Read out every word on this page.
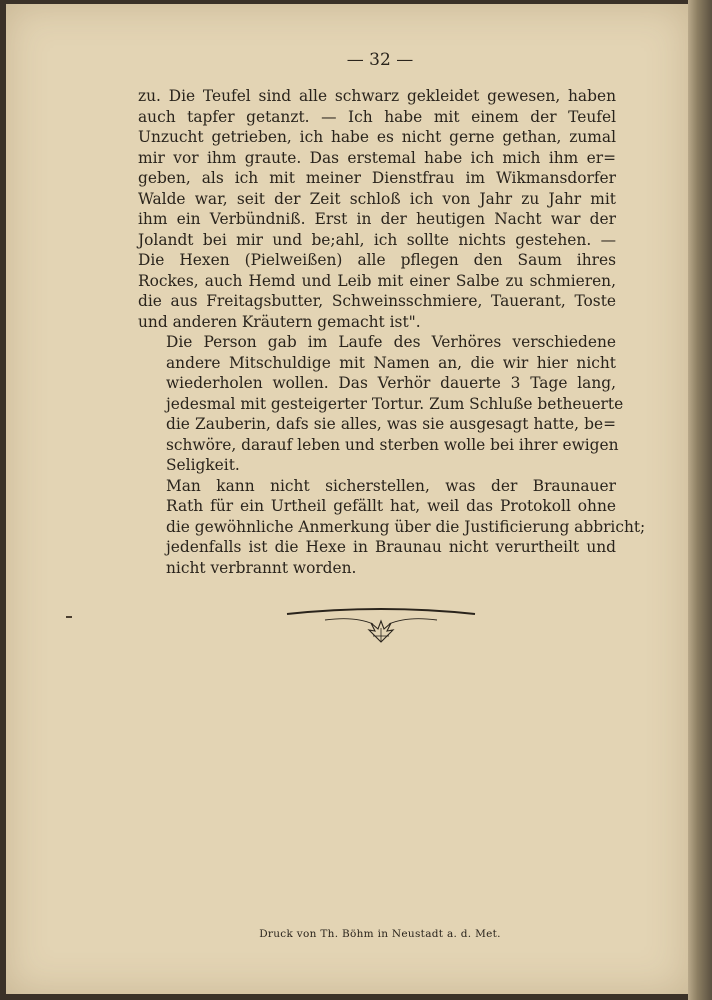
— 32 —

zu. Die Teufel sind alle schwarz gekleidet gewesen, haben
auch tapfer getanzt. — Ich habe mit einem der Teufel
Unzucht getrieben, ich habe es nicht gerne gethan, zumal
mir vor ihm graute. Das erstemal habe ich mich ihm er=
geben, als ich mit meiner Dienstfrau im Wikmansdorfer
Walde war, seit der Zeit schloß ich von Jahr zu Jahr mit
ihm ein Verbündniß. Erst in der heutigen Nacht war der
Jolandt bei mir und be;ahl, ich sollte nichts gestehen. —
Die Hexen (Pielweißen) alle pflegen den Saum ihres
Rockes, auch Hemd und Leib mit einer Salbe zu schmieren,
die aus Freitagsbutter, Schweinsschmiere, Tauerant, Toste
und anderen Kräutern gemacht ist".

Die Person gab im Laufe des Verhöres verschiedene
andere Mitschuldige mit Namen an, die wir hier nicht
wiederholen wollen. Das Verhör dauerte 3 Tage lang,
jedesmal mit gesteigerter Tortur. Zum Schluße betheuerte
die Zauberin, dafs sie alles, was sie ausgesagt hatte, be=
schwöre, darauf leben und sterben wolle bei ihrer ewigen
Seligkeit.

Man kann nicht sicherstellen, was der Braunauer
Rath für ein Urtheil gefällt hat, weil das Protokoll ohne
die gewöhnliche Anmerkung über die Justificierung abbricht;
jedenfalls ist die Hexe in Braunau nicht verurtheilt und
nicht verbrannt worden.

Druck von Th. Böhm in Neustadt a. d. Met.
